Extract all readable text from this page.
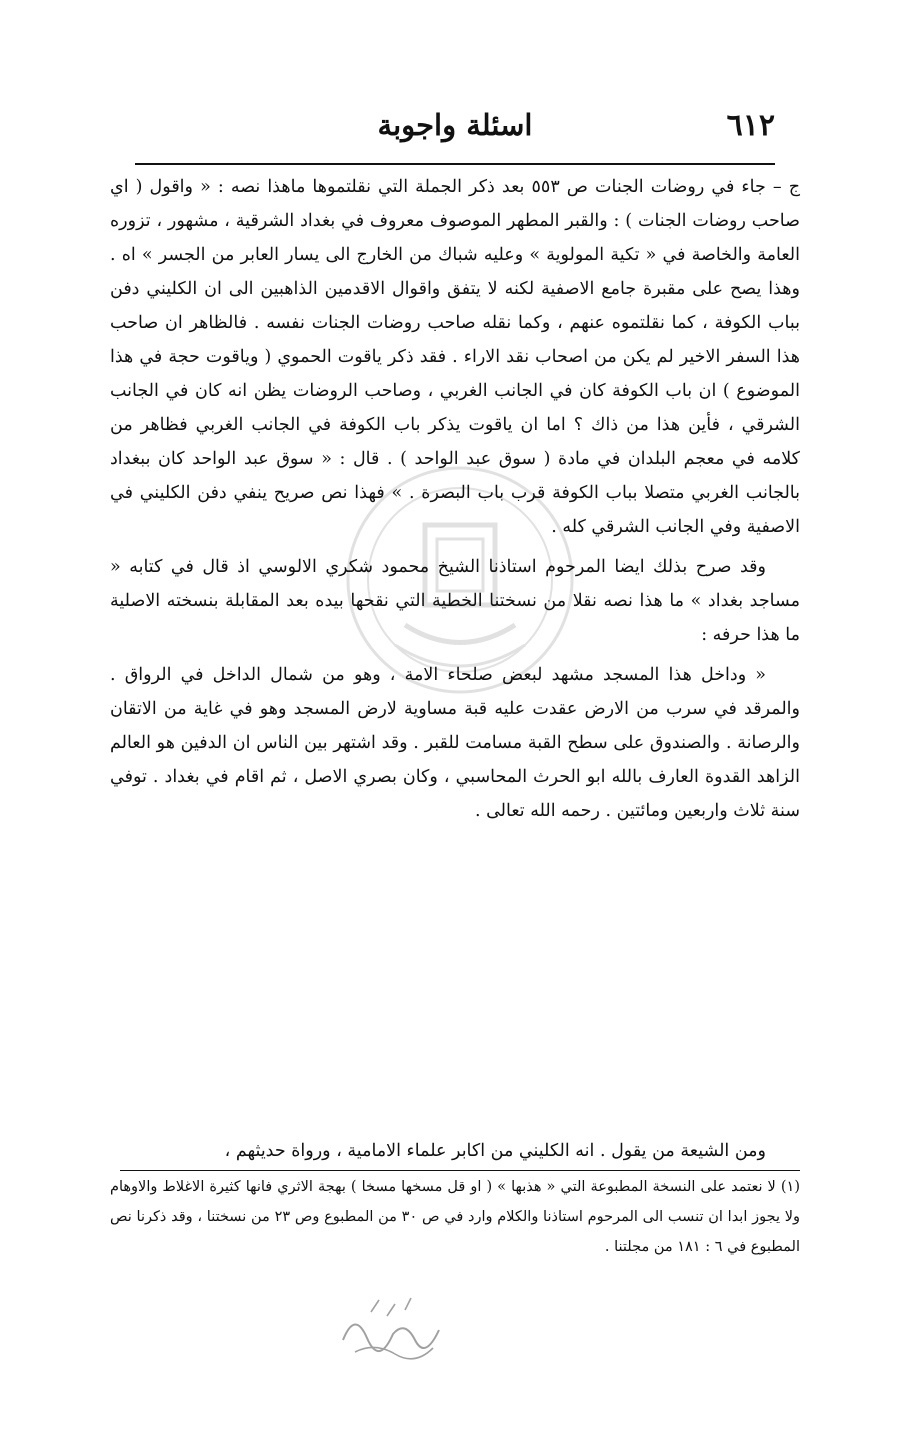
٦١٢
اسئلة واجوبة

ج – جاء في روضات الجنات ص ٥٥٣ بعد ذكر الجملة التي نقلتموها ماهذا نصه : « واقول ( اي صاحب روضات الجنات ) : والقبر المطهر الموصوف معروف في بغداد الشرقية ، مشهور ، تزوره العامة والخاصة في « تكية المولوية » وعليه شباك من الخارج الى يسار العابر من الجسر » اه . وهذا يصح على مقبرة جامع الاصفية لكنه لا يتفق واقوال الاقدمين الذاهبين الى ان الكليني دفن بباب الكوفة ، كما نقلتموه عنهم ، وكما نقله صاحب روضات الجنات نفسه . فالظاهر ان صاحب هذا السفر الاخير لم يكن من اصحاب نقد الاراء . فقد ذكر ياقوت الحموي ( وياقوت حجة في هذا الموضوع ) ان باب الكوفة كان في الجانب الغربي ، وصاحب الروضات يظن انه كان في الجانب الشرقي ، فأين هذا من ذاك ؟ اما ان ياقوت يذكر باب الكوفة في الجانب الغربي فظاهر من كلامه في معجم البلدان في مادة ( سوق عبد الواحد ) . قال : « سوق عبد الواحد كان ببغداد بالجانب الغربي متصلا بباب الكوفة قرب باب البصرة . » فهذا نص صريح ينفي دفن الكليني في الاصفية وفي الجانب الشرقي كله .

وقد صرح بذلك ايضا المرحوم استاذنا الشيخ محمود شكري الالوسي اذ قال في كتابه « مساجد بغداد » ما هذا نصه نقلا من نسختنا الخطية التي نقحها بيده بعد المقابلة بنسخته الاصلية ما هذا حرفه :

« وداخل هذا المسجد مشهد لبعض صلحاء الامة ، وهو من شمال الداخل في الرواق . والمرقد في سرب من الارض عقدت عليه قبة مساوية لارض المسجد وهو في غاية من الاتقان والرصانة . والصندوق على سطح القبة مسامت للقبر . وقد اشتهر بين الناس ان الدفين هو العالم الزاهد القدوة العارف بالله ابو الحرث المحاسبي ، وكان بصري الاصل ، ثم اقام في بغداد . توفي سنة ثلاث واربعين ومائتين . رحمه الله تعالى .

ومن الشيعة من يقول . انه الكليني من اكابر علماء الامامية ، ورواة حديثهم ،

(١) لا نعتمد على النسخة المطبوعة التي « هذبها » ( او قل مسخها مسخا ) بهجة الاثري فانها كثيرة الاغلاط والاوهام ولا يجوز ابدا ان تنسب الى المرحوم استاذنا والكلام وارد في ص ٣٠ من المطبوع وص ٢٣ من نسختنا ، وقد ذكرنا نص المطبوع في ٦ : ١٨١ من مجلتنا .
